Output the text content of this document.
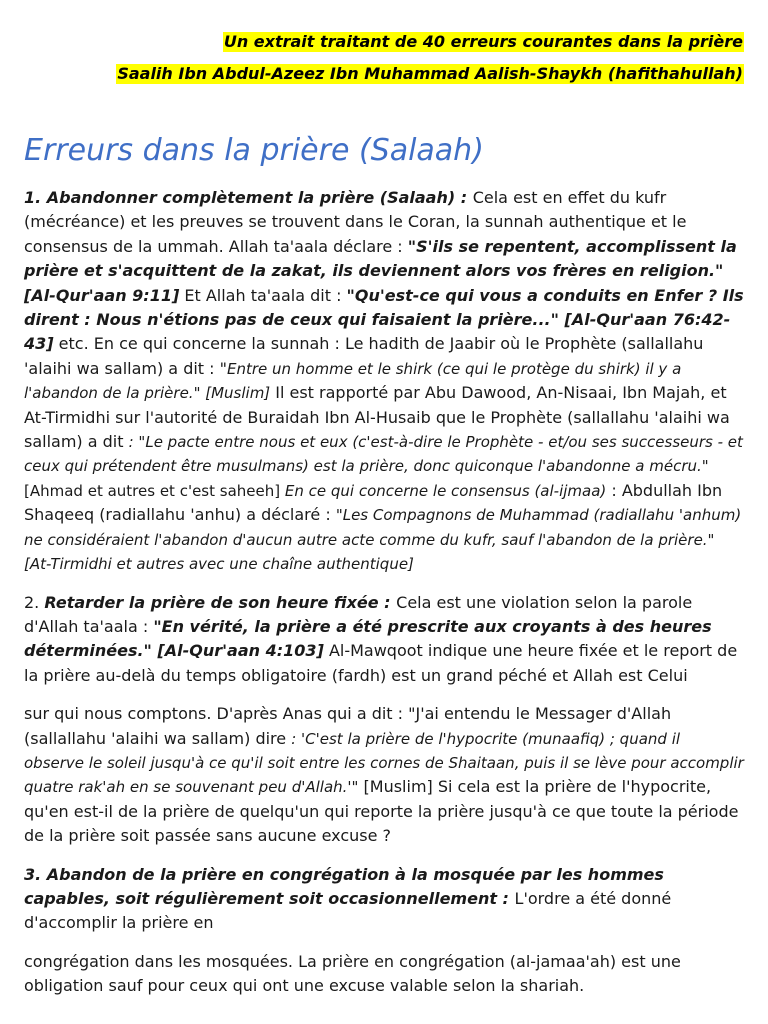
Un extrait traitant de 40 erreurs courantes dans la prière
Saalih Ibn Abdul-Azeez Ibn Muhammad Aalish-Shaykh (hafithahullah)
Erreurs dans la prière (Salaah)

1. Abandonner complètement la prière (Salaah) : Cela est en effet du kufr (mécréance) et les preuves se trouvent dans le Coran, la sunnah authentique et le consensus de la ummah. Allah ta'aala déclare : "S'ils se repentent, accomplissent la prière et s'acquittent de la zakat, ils deviennent alors vos frères en religion." [Al-Qur'aan 9:11] Et Allah ta'aala dit : "Qu'est-ce qui vous a conduits en Enfer ? Ils dirent : Nous n'étions pas de ceux qui faisaient la prière..." [Al-Qur'aan 76:42-43] etc. En ce qui concerne la sunnah : Le hadith de Jaabir où le Prophète (sallallahu 'alaihi wa sallam) a dit : "Entre un homme et le shirk (ce qui le protège du shirk) il y a l'abandon de la prière." [Muslim] Il est rapporté par Abu Dawood, An-Nisaai, Ibn Majah, et At-Tirmidhi sur l'autorité de Buraidah Ibn Al-Husaib que le Prophète (sallallahu 'alaihi wa sallam) a dit : "Le pacte entre nous et eux (c'est-à-dire le Prophète - et/ou ses successeurs - et ceux qui prétendent être musulmans) est la prière, donc quiconque l'abandonne a mécru." [Ahmad et autres et c'est saheeh] En ce qui concerne le consensus (al-ijmaa) : Abdullah Ibn Shaqeeq (radiallahu 'anhu) a déclaré : "Les Compagnons de Muhammad (radiallahu 'anhum) ne considéraient l'abandon d'aucun autre acte comme du kufr, sauf l'abandon de la prière." [At-Tirmidhi et autres avec une chaîne authentique]

2. Retarder la prière de son heure fixée : Cela est une violation selon la parole d'Allah ta'aala : "En vérité, la prière a été prescrite aux croyants à des heures déterminées." [Al-Qur'aan 4:103] Al-Mawqoot indique une heure fixée et le report de la prière au-delà du temps obligatoire (fardh) est un grand péché et Allah est Celui

sur qui nous comptons. D'après Anas qui a dit : "J'ai entendu le Messager d'Allah (sallallahu 'alaihi wa sallam) dire : 'C'est la prière de l'hypocrite (munaafiq) ; quand il observe le soleil jusqu'à ce qu'il soit entre les cornes de Shaitaan, puis il se lève pour accomplir quatre rak'ah en se souvenant peu d'Allah.'" [Muslim] Si cela est la prière de l'hypocrite, qu'en est-il de la prière de quelqu'un qui reporte la prière jusqu'à ce que toute la période de la prière soit passée sans aucune excuse ?

3. Abandon de la prière en congrégation à la mosquée par les hommes capables, soit régulièrement soit occasionnellement : L'ordre a été donné d'accomplir la prière en

congrégation dans les mosquées. La prière en congrégation (al-jamaa'ah) est une obligation sauf pour ceux qui ont une excuse valable selon la shariah.
